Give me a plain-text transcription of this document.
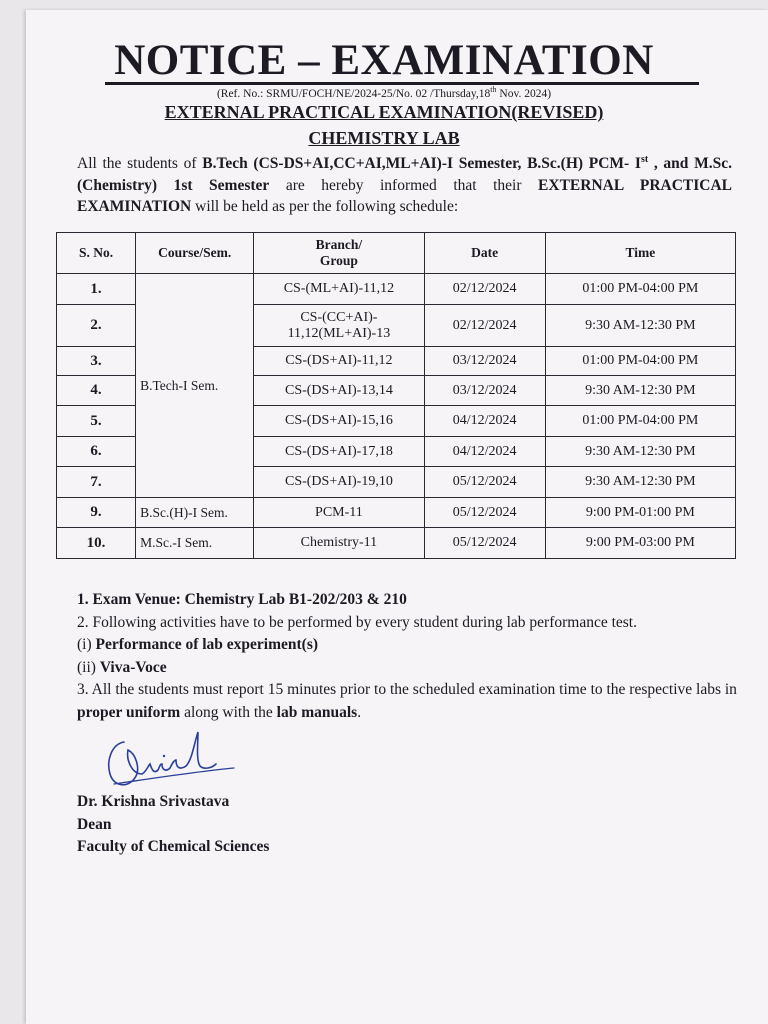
NOTICE – EXAMINATION
(Ref. No.: SRMU/FOCH/NE/2024-25/No. 02 /Thursday,18th Nov. 2024)
EXTERNAL PRACTICAL EXAMINATION(REVISED)
CHEMISTRY LAB
All the students of B.Tech (CS-DS+AI,CC+AI,ML+AI)-I Semester, B.Sc.(H) PCM- Ist , and M.Sc. (Chemistry) 1st Semester are hereby informed that their EXTERNAL PRACTICAL EXAMINATION will be held as per the following schedule:
S. No.	Course/Sem.	Branch/
Group	Date	Time
1.	B.Tech-I Sem.	CS-(ML+AI)-11,12	02/12/2024	01:00 PM-04:00 PM
2.		CS-(CC+AI)-
11,12(ML+AI)-13	02/12/2024	9:30 AM-12:30 PM
3.		CS-(DS+AI)-11,12	03/12/2024	01:00 PM-04:00 PM
4.		CS-(DS+AI)-13,14	03/12/2024	9:30 AM-12:30 PM
5.		CS-(DS+AI)-15,16	04/12/2024	01:00 PM-04:00 PM
6.		CS-(DS+AI)-17,18	04/12/2024	9:30 AM-12:30 PM
7.		CS-(DS+AI)-19,10	05/12/2024	9:30 AM-12:30 PM
9.	B.Sc.(H)-I Sem.	PCM-11	05/12/2024	9:00 PM-01:00 PM
10.	M.Sc.-I Sem.	Chemistry-11	05/12/2024	9:00 PM-03:00 PM

1. Exam Venue: Chemistry Lab B1-202/203 & 210

2. Following activities have to be performed by every student during lab performance test.

(i) Performance of lab experiment(s)

(ii) Viva-Voce

3. All the students must report 15 minutes prior to the scheduled examination time to the respective labs in proper uniform along with the lab manuals.

Dr. Krishna Srivastava
Dean
Faculty of Chemical Sciences
